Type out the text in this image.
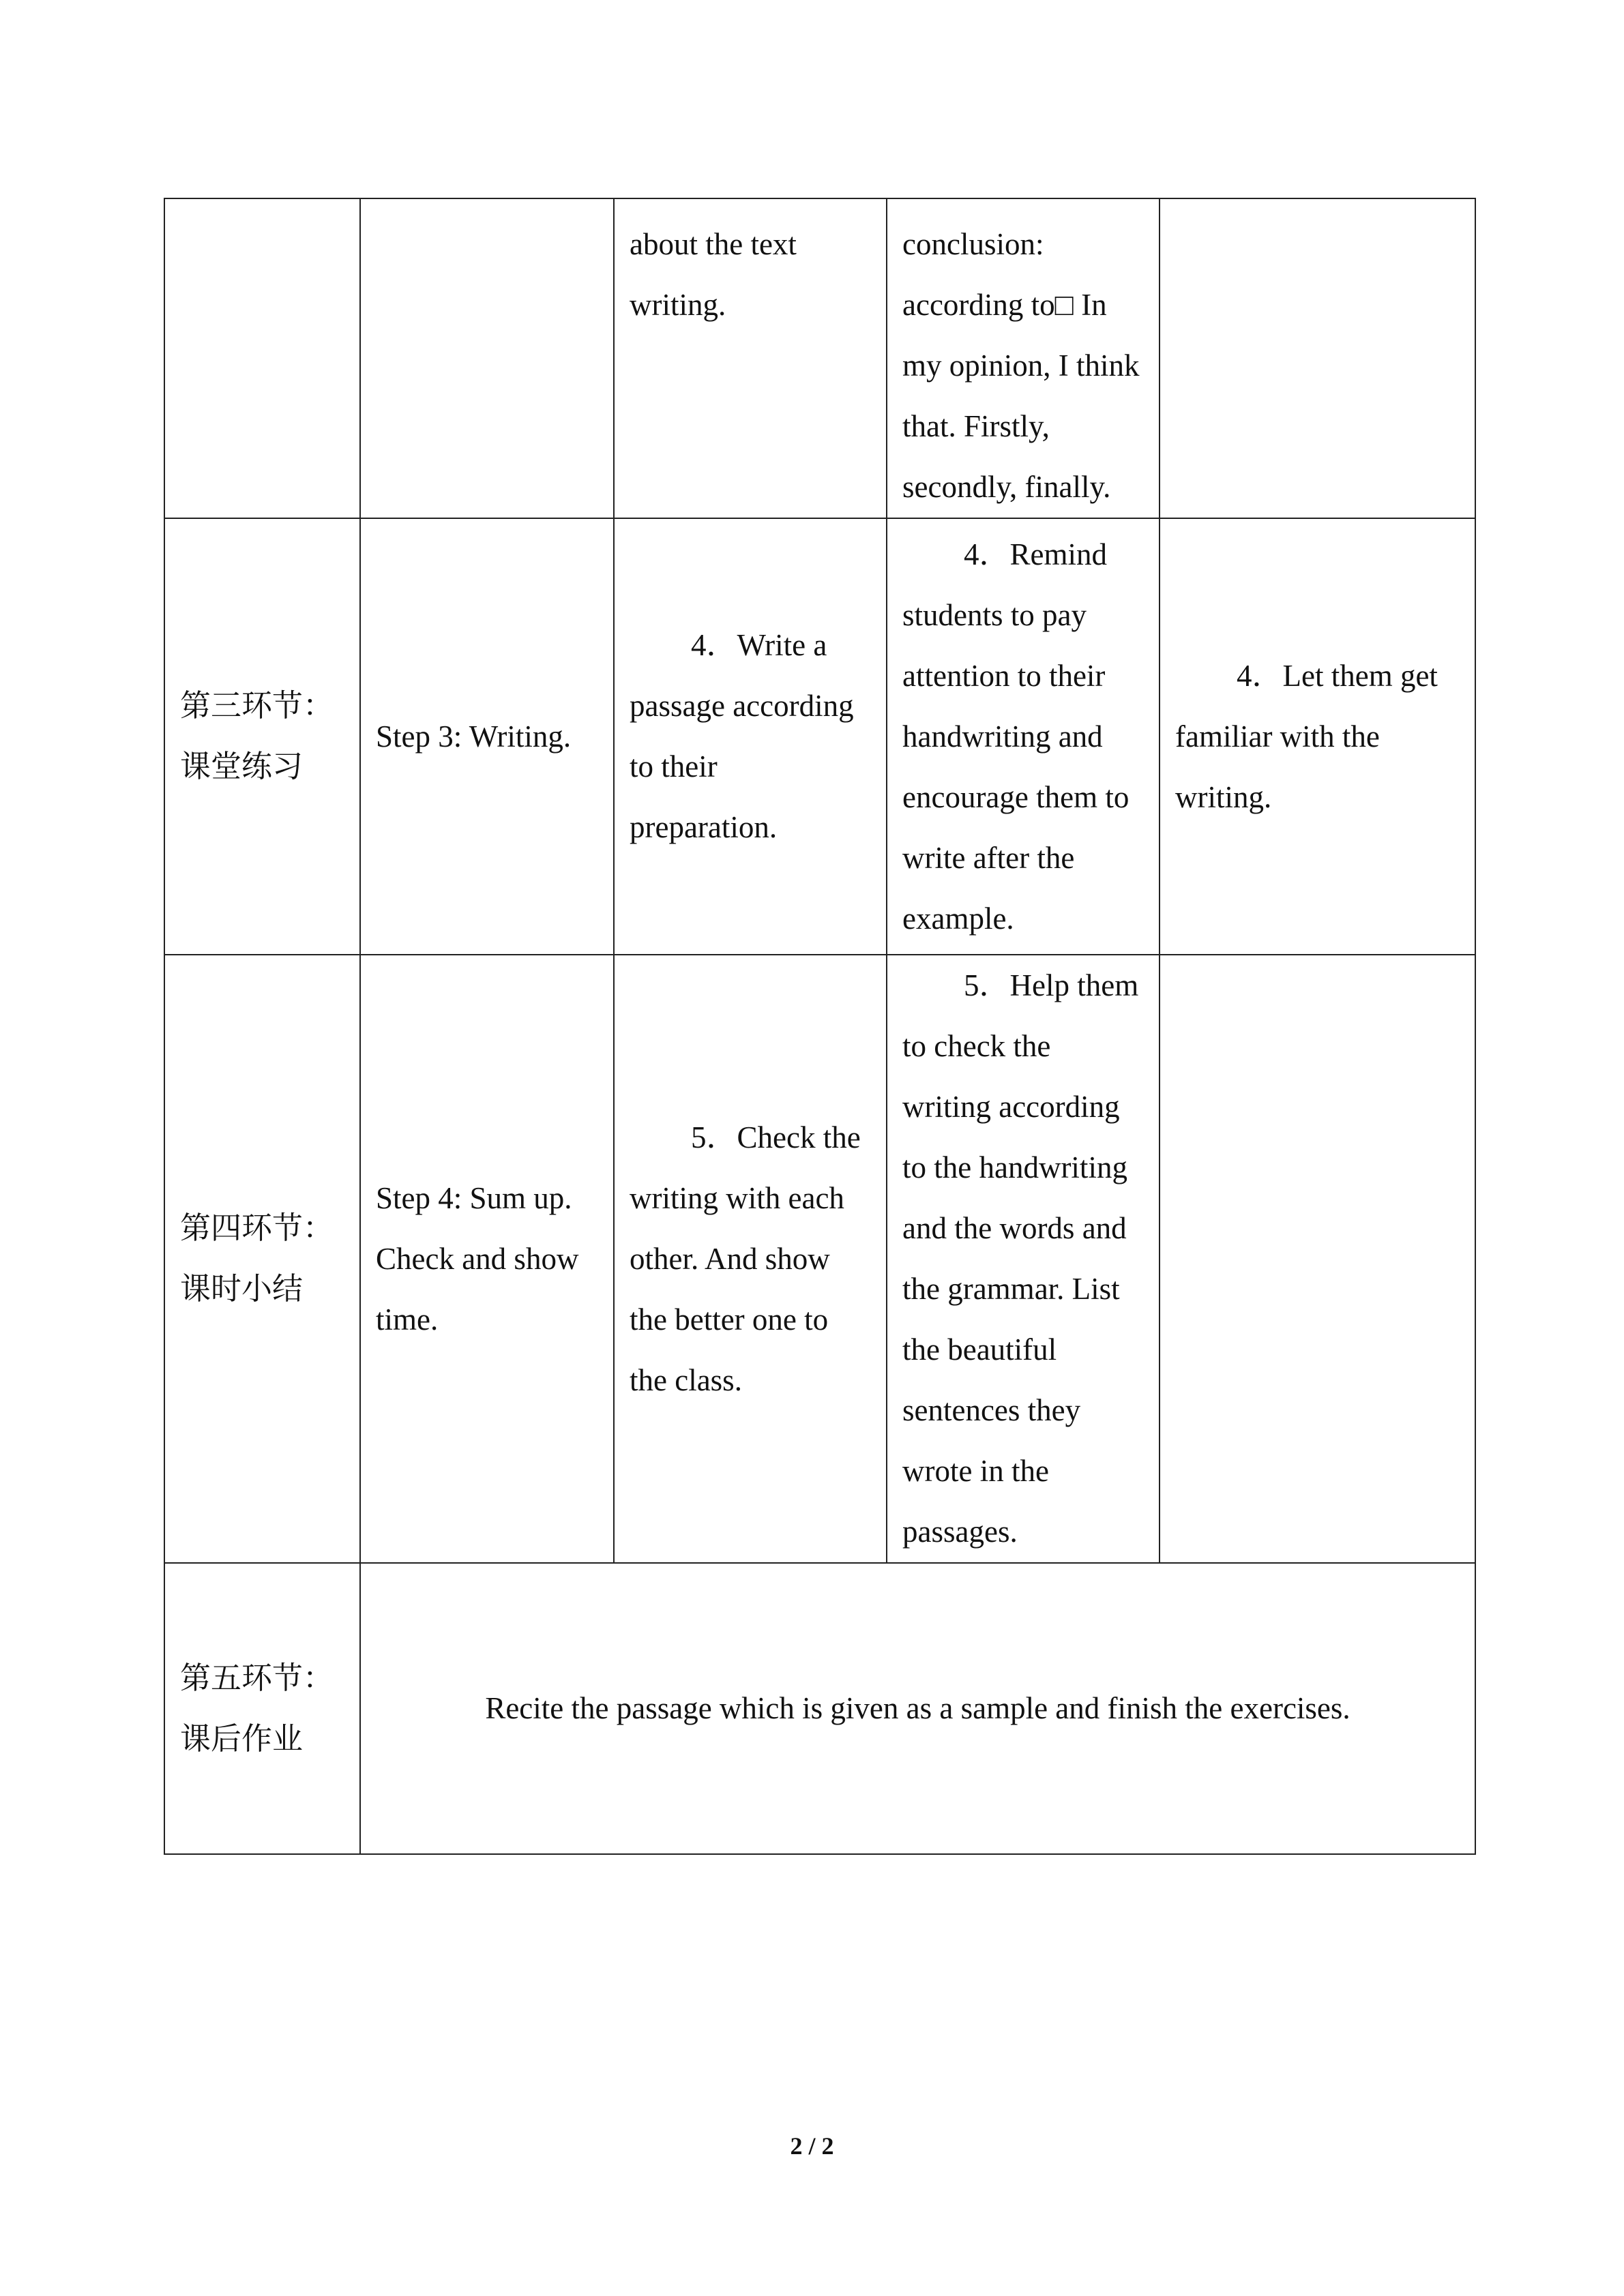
		about the text writing.	conclusion: according to□ In my opinion, I think that. Firstly, secondly, finally.	
第三环节：课堂练习	Step 3: Writing.	4．Write a passage according to their preparation.	4．Remind students to pay attention to their handwriting and encourage them to write after the example.	4．Let them get familiar with the writing.

第四环节：课时小结	Step 4: Sum up. Check and show time.	5．Check the writing with each other. And show the better one to the class.	5．Help them to check the writing according to the handwriting and the words and the grammar. List the beautiful sentences they wrote in the passages.	

第五环节：课后作业	Recite the passage which is given as a sample and finish the exercises.			
2 / 2
